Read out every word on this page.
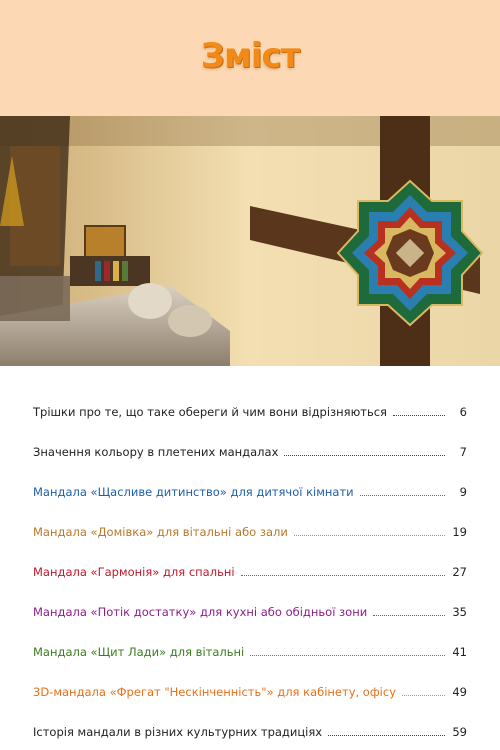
Зміст
Трішки про те, що таке обереги й чим вони відрізняються	6
Значення кольору в плетених мандалах	7
Мандала «Щасливе дитинство» для дитячої кімнати	9
Мандала «Домівка» для вітальні або зали	19
Мандала «Гармонія» для спальні	27
Мандала «Потік достатку» для кухні або обідньої зони	35
Мандала «Щит Лади» для вітальні	41
3D-мандала «Фрегат "Нескінченність"» для кабінету, офісу	49
Історія мандали в різних культурних традиціях	59
